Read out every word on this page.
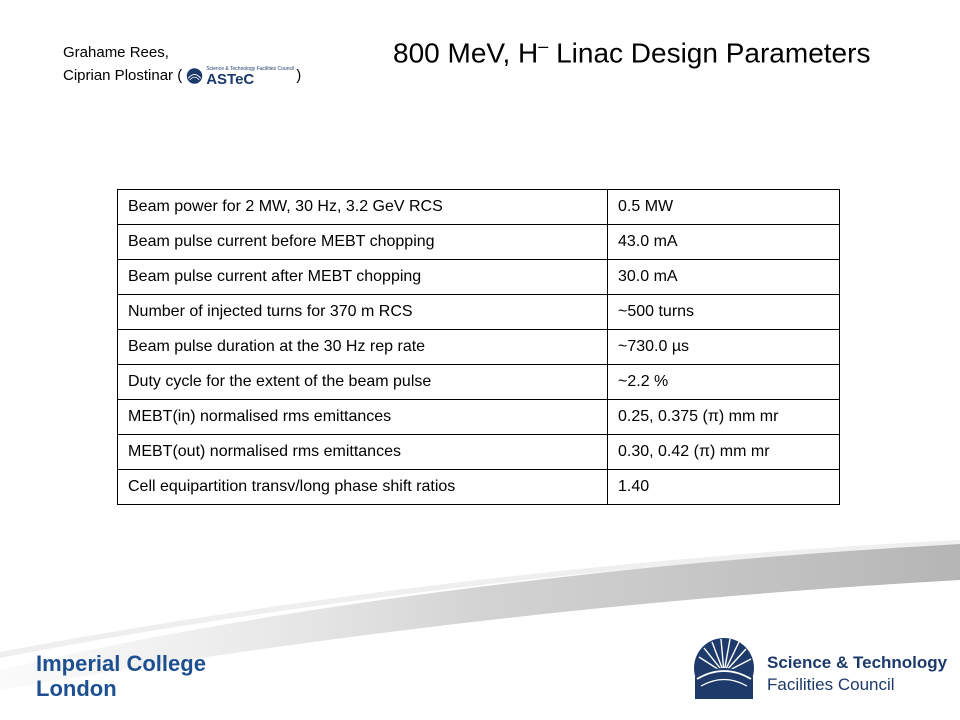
Grahame Rees,
Ciprian Plostinar (	Science & Technology Facilities Council
ASTeC	)
800 MeV, H– Linac Design Parameters
Beam power for 2 MW, 30 Hz, 3.2 GeV RCS	0.5 MW
Beam pulse current before MEBT chopping	43.0 mA
Beam pulse current after MEBT chopping	30.0 mA
Number of injected turns for 370 m RCS	~500 turns
Beam pulse duration at the 30 Hz rep rate	~730.0 µs
Duty cycle for the extent of the beam pulse	~2.2 %
MEBT(in) normalised rms emittances	0.25, 0.375 (π) mm mr
MEBT(out) normalised rms emittances	0.30, 0.42 (π) mm mr
Cell equipartition transv/long phase shift ratios	1.40
Imperial College
London
Science & Technology
Facilities Council
